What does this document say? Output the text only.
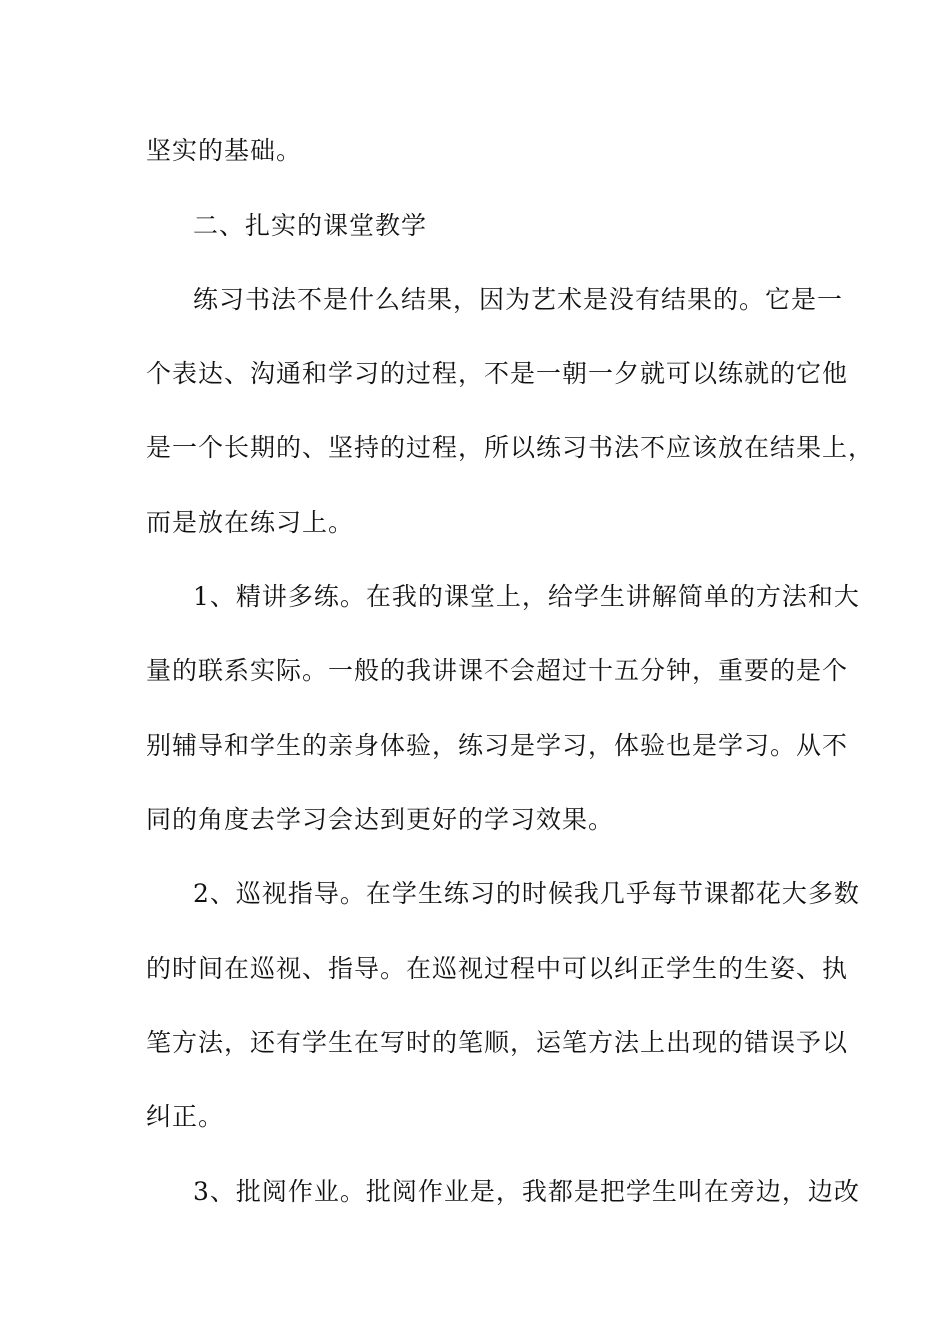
坚实的基础。
二、扎实的课堂教学
练习书法不是什么结果，因为艺术是没有结果的。它是一
个表达、沟通和学习的过程，不是一朝一夕就可以练就的它他
是一个长期的、坚持的过程，所以练习书法不应该放在结果上，
而是放在练习上。
1、精讲多练。在我的课堂上，给学生讲解简单的方法和大
量的联系实际。一般的我讲课不会超过十五分钟，重要的是个
别辅导和学生的亲身体验，练习是学习，体验也是学习。从不
同的角度去学习会达到更好的学习效果。
2、巡视指导。在学生练习的时候我几乎每节课都花大多数
的时间在巡视、指导。在巡视过程中可以纠正学生的生姿、执
笔方法，还有学生在写时的笔顺，运笔方法上出现的错误予以
纠正。
3、批阅作业。批阅作业是，我都是把学生叫在旁边，边改
